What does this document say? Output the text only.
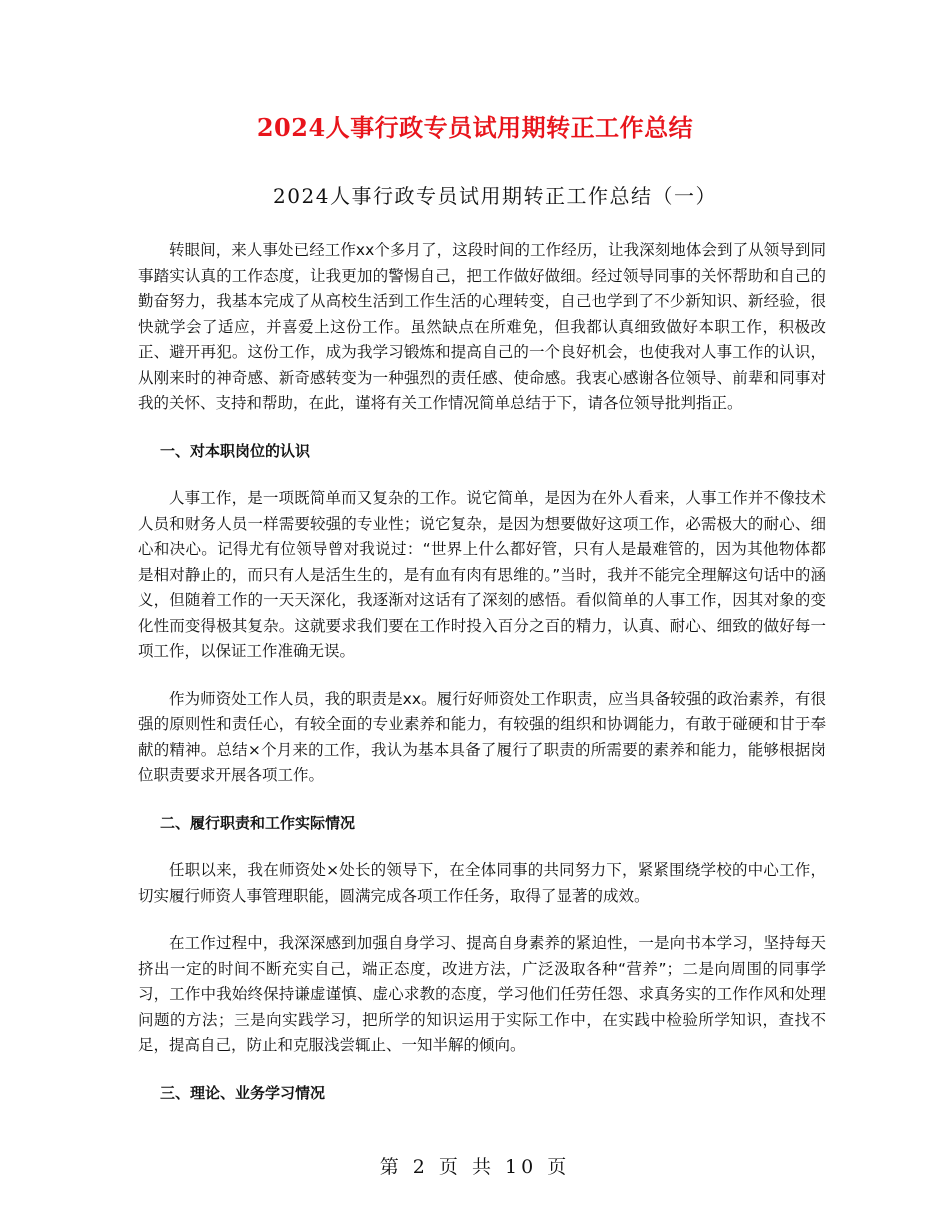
2024人事行政专员试用期转正工作总结
2024人事行政专员试用期转正工作总结（一）

转眼间，来人事处已经工作xx个多月了，这段时间的工作经历，让我深刻地体会到了从领导到同事踏实认真的工作态度，让我更加的警惕自己，把工作做好做细。经过领导同事的关怀帮助和自己的勤奋努力，我基本完成了从高校生活到工作生活的心理转变，自己也学到了不少新知识、新经验，很快就学会了适应，并喜爱上这份工作。虽然缺点在所难免，但我都认真细致做好本职工作，积极改正、避开再犯。这份工作，成为我学习锻炼和提高自己的一个良好机会，也使我对人事工作的认识，从刚来时的神奇感、新奇感转变为一种强烈的责任感、使命感。我衷心感谢各位领导、前辈和同事对我的关怀、支持和帮助，在此，谨将有关工作情况简单总结于下，请各位领导批判指正。

一、对本职岗位的认识

人事工作，是一项既简单而又复杂的工作。说它简单，是因为在外人看来，人事工作并不像技术人员和财务人员一样需要较强的专业性；说它复杂，是因为想要做好这项工作，必需极大的耐心、细心和决心。记得尤有位领导曾对我说过：“世界上什么都好管，只有人是最难管的，因为其他物体都是相对静止的，而只有人是活生生的，是有血有肉有思维的。”当时，我并不能完全理解这句话中的涵义，但随着工作的一天天深化，我逐渐对这话有了深刻的感悟。看似简单的人事工作，因其对象的变化性而变得极其复杂。这就要求我们要在工作时投入百分之百的精力，认真、耐心、细致的做好每一项工作，以保证工作准确无误。

作为师资处工作人员，我的职责是xx。履行好师资处工作职责，应当具备较强的政治素养，有很强的原则性和责任心，有较全面的专业素养和能力，有较强的组织和协调能力，有敢于碰硬和甘于奉献的精神。总结×个月来的工作，我认为基本具备了履行了职责的所需要的素养和能力，能够根据岗位职责要求开展各项工作。

二、履行职责和工作实际情况

任职以来，我在师资处×处长的领导下，在全体同事的共同努力下，紧紧围绕学校的中心工作，切实履行师资人事管理职能，圆满完成各项工作任务，取得了显著的成效。

在工作过程中，我深深感到加强自身学习、提高自身素养的紧迫性，一是向书本学习，坚持每天挤出一定的时间不断充实自己，端正态度，改进方法，广泛汲取各种“营养”；二是向周围的同事学习，工作中我始终保持谦虚谨慎、虚心求教的态度，学习他们任劳任怨、求真务实的工作作风和处理问题的方法；三是向实践学习，把所学的知识运用于实际工作中，在实践中检验所学知识，查找不足，提高自己，防止和克服浅尝辄止、一知半解的倾向。

三、理论、业务学习情况

第 2 页 共 10 页
